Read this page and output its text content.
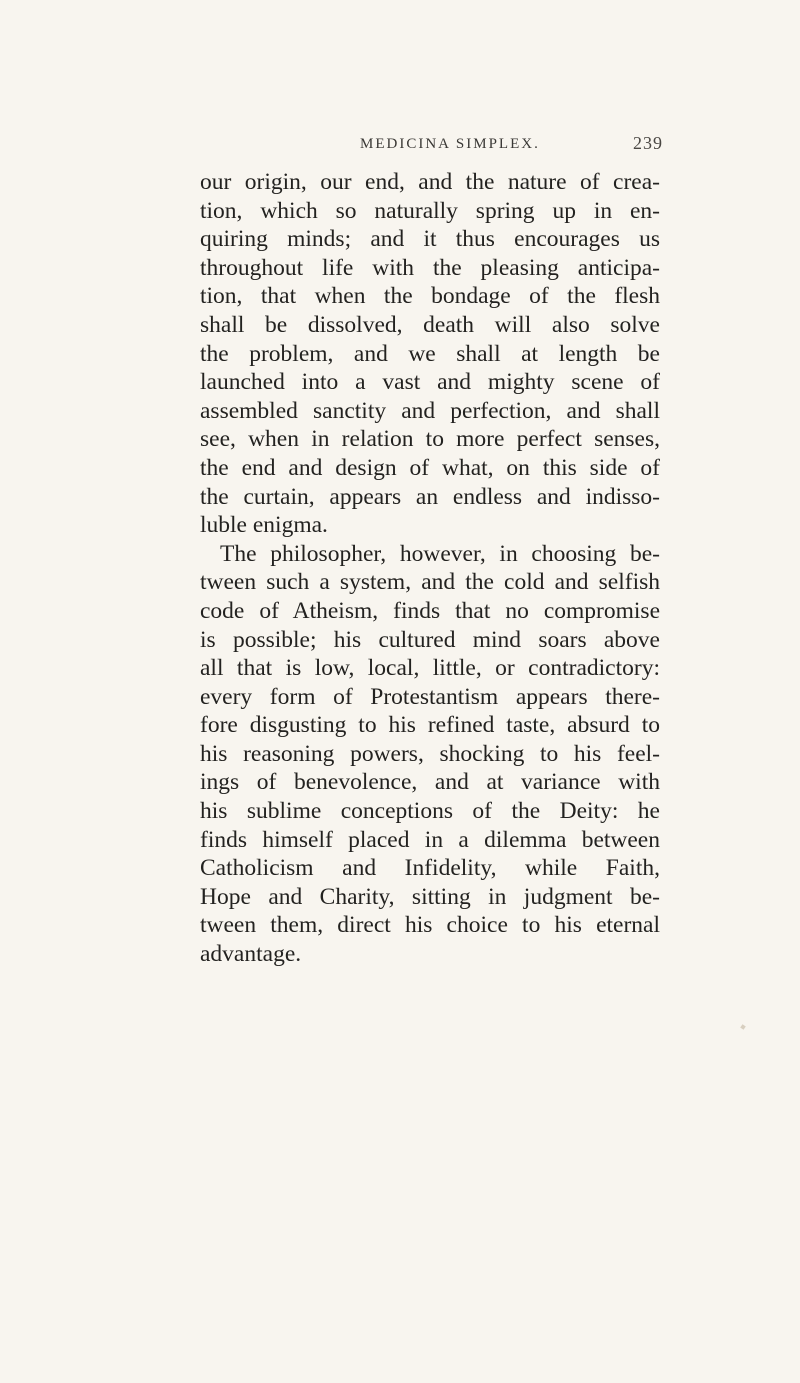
MEDICINA SIMPLEX.	239
our origin, our end, and the nature of crea-
tion, which so naturally spring up in en-
quiring minds; and it thus encourages us
throughout life with the pleasing anticipa-
tion, that when the bondage of the flesh
shall be dissolved, death will also solve
the problem, and we shall at length be
launched into a vast and mighty scene of
assembled sanctity and perfection, and shall
see, when in relation to more perfect senses,
the end and design of what, on this side of
the curtain, appears an endless and indisso-
luble enigma.
The philosopher, however, in choosing be-
tween such a system, and the cold and selfish
code of Atheism, finds that no compromise
is possible; his cultured mind soars above
all that is low, local, little, or contradictory:
every form of Protestantism appears there-
fore disgusting to his refined taste, absurd to
his reasoning powers, shocking to his feel-
ings of benevolence, and at variance with
his sublime conceptions of the Deity: he
finds himself placed in a dilemma between
Catholicism and Infidelity, while Faith,
Hope and Charity, sitting in judgment be-
tween them, direct his choice to his eternal
advantage.
